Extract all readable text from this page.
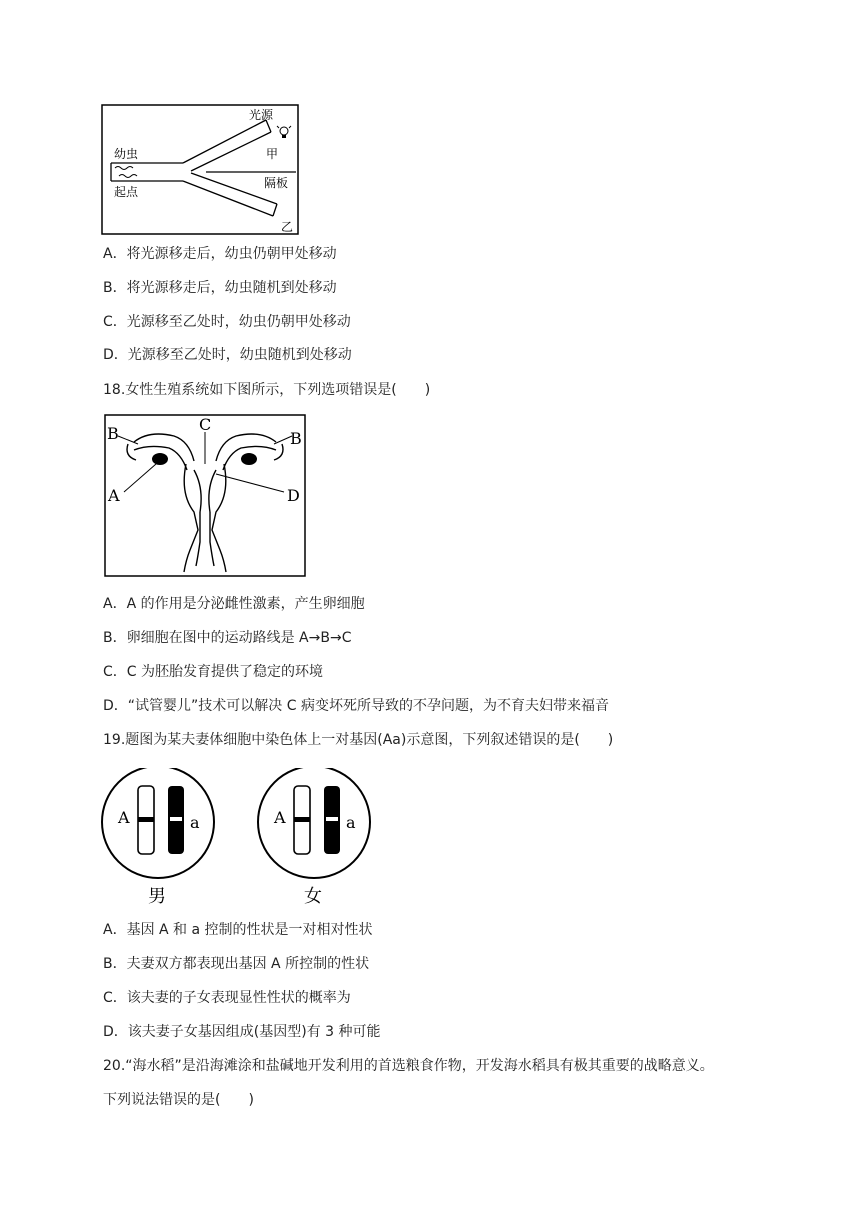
光源
甲
幼虫
起点
隔板
乙
A．将光源移走后，幼虫仍朝甲处移动
B．将光源移走后，幼虫随机到处移动
C．光源移至乙处时，幼虫仍朝甲处移动
D．光源移至乙处时，幼虫随机到处移动
18.女性生殖系统如下图所示，下列选项错误是(　　)
B	C
B
A	D
A．A 的作用是分泌雌性激素，产生卵细胞
B．卵细胞在图中的运动路线是 A→B→C
C．C 为胚胎发育提供了稳定的环境
D．“试管婴儿”技术可以解决 C 病变坏死所导致的不孕问题，为不育夫妇带来福音
19.题图为某夫妻体细胞中染色体上一对基因(Aa)示意图，下列叙述错误的是(　　)
A	a
男
A	a
女
A．基因 A 和 a 控制的性状是一对相对性状
B．夫妻双方都表现出基因 A 所控制的性状
C．该夫妻的子女表现显性性状的概率为
D．该夫妻子女基因组成(基因型)有 3 种可能
20.“海水稻”是沿海滩涂和盐碱地开发利用的首选粮食作物，开发海水稻具有极其重要的战略意义。
下列说法错误的是(　　)
